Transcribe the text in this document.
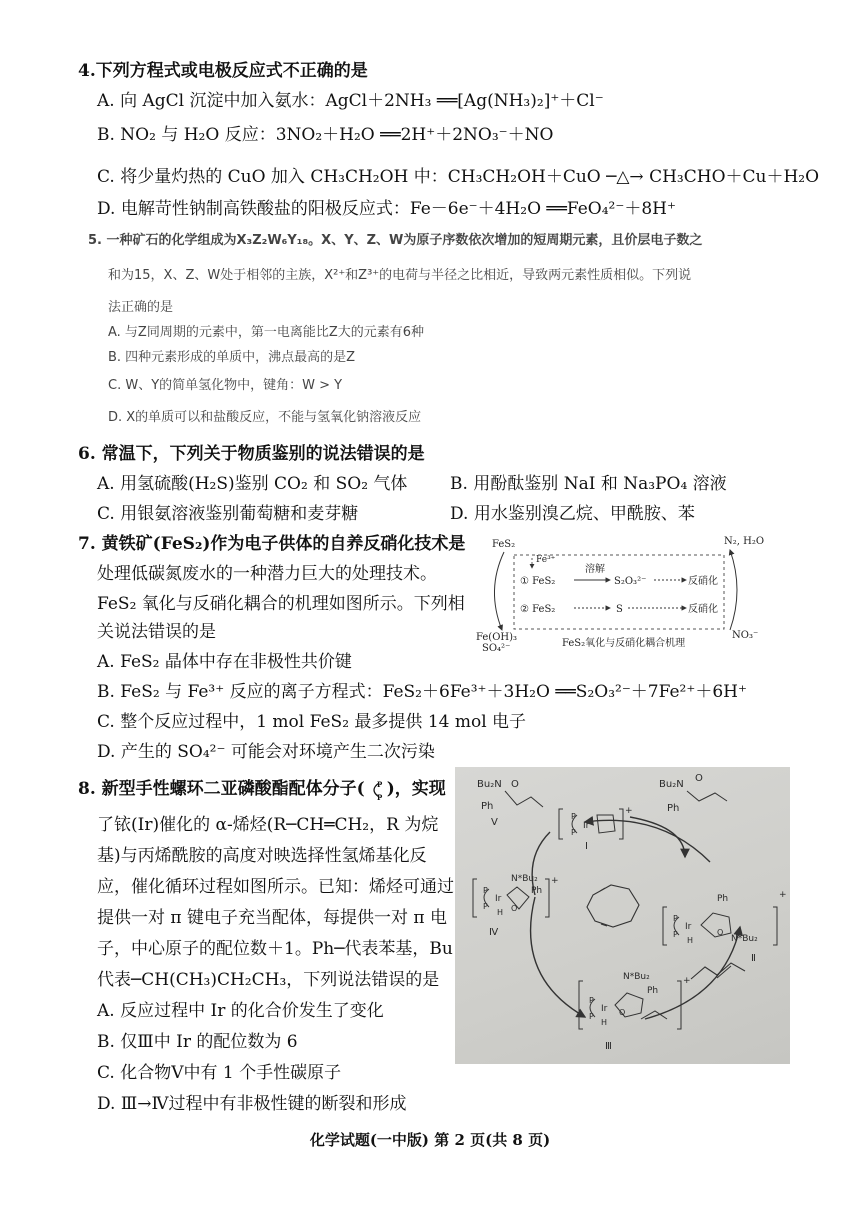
4.下列方程式或电极反应式不正确的是
A. 向 AgCl 沉淀中加入氨水：AgCl＋2NH₃ ══[Ag(NH₃)₂]⁺＋Cl⁻
B. NO₂ 与 H₂O 反应：3NO₂＋H₂O ══2H⁺＋2NO₃⁻＋NO
C. 将少量灼热的 CuO 加入 CH₃CH₂OH 中：CH₃CH₂OH＋CuO ─△→ CH₃CHO＋Cu＋H₂O
D. 电解苛性钠制高铁酸盐的阳极反应式：Fe－6e⁻＋4H₂O ══FeO₄²⁻＋8H⁺
5. 一种矿石的化学组成为X₃Z₂W₆Y₁₈。X、Y、Z、W为原子序数依次增加的短周期元素，且价层电子数之
和为15，X、Z、W处于相邻的主族，X²⁺和Z³⁺的电荷与半径之比相近，导致两元素性质相似。下列说
法正确的是
A. 与Z同周期的元素中，第一电离能比Z大的元素有6种
B. 四种元素形成的单质中，沸点最高的是Z
C. W、Y的简单氢化物中，键角：W > Y
D. X的单质可以和盐酸反应，不能与氢氧化钠溶液反应
6. 常温下，下列关于物质鉴别的说法错误的是
A. 用氢硫酸(H₂S)鉴别 CO₂ 和 SO₂ 气体	B. 用酚酞鉴别 NaI 和 Na₃PO₄ 溶液
C. 用银氨溶液鉴别葡萄糖和麦芽糖	D. 用水鉴别溴乙烷、甲酰胺、苯
7. 黄铁矿(FeS₂)作为电子供体的自养反硝化技术是
处理低碳氮废水的一种潜力巨大的处理技术。
FeS₂ 氧化与反硝化耦合的机理如图所示。下列相
关说法错误的是
FeS₂	N₂, H₂O
Fe³⁺
溶解
① FeS₂	S₂O₃²⁻	反硝化
② FeS₂	S	反硝化
Fe(OH)₃
SO₄²⁻
NO₃⁻
FeS₂氧化与反硝化耦合机理
A. FeS₂ 晶体中存在非极性共价键
B. FeS₂ 与 Fe³⁺ 反应的离子方程式：FeS₂＋6Fe³⁺＋3H₂O ══S₂O₃²⁻＋7Fe²⁺＋6H⁺
C. 整个反应过程中，1 mol FeS₂ 最多提供 14 mol 电子
D. 产生的 SO₄²⁻ 可能会对环境产生二次污染
8. 新型手性螺环二亚磷酸酯配体分子( P
P )，实现
了铱(Ir)催化的 α-烯烃(R─CH═CH₂，R 为烷
基)与丙烯酰胺的高度对映选择性氢烯基化反
应，催化循环过程如图所示。已知：烯烃可通过
提供一对 π 键电子充当配体，每提供一对 π 电
子，中心原子的配位数＋1。Ph─代表苯基，Bu
代表─CH(CH₃)CH₂CH₃，下列说法错误的是
A. 反应过程中 Ir 的化合价发生了变化
B. 仅Ⅲ中 Ir 的配位数为 6
C. 化合物Ⅴ中有 1 个手性碳原子
D. Ⅲ→Ⅳ过程中有非极性键的断裂和形成
Bu₂N O
Ph
Ⅴ
+
P
P
Ir
Ⅰ
Bu₂N
O
Ph
+
P
P
Ir
H
N*Bu₂
Ph
O
Ⅳ
+
P
P
Ir
H
Ph
O
N*Bu₂
Ⅱ
+
P
P
Ir
H
N*Bu₂
Ph
O
Ⅲ
化学试题(一中版) 第 2 页(共 8 页)
